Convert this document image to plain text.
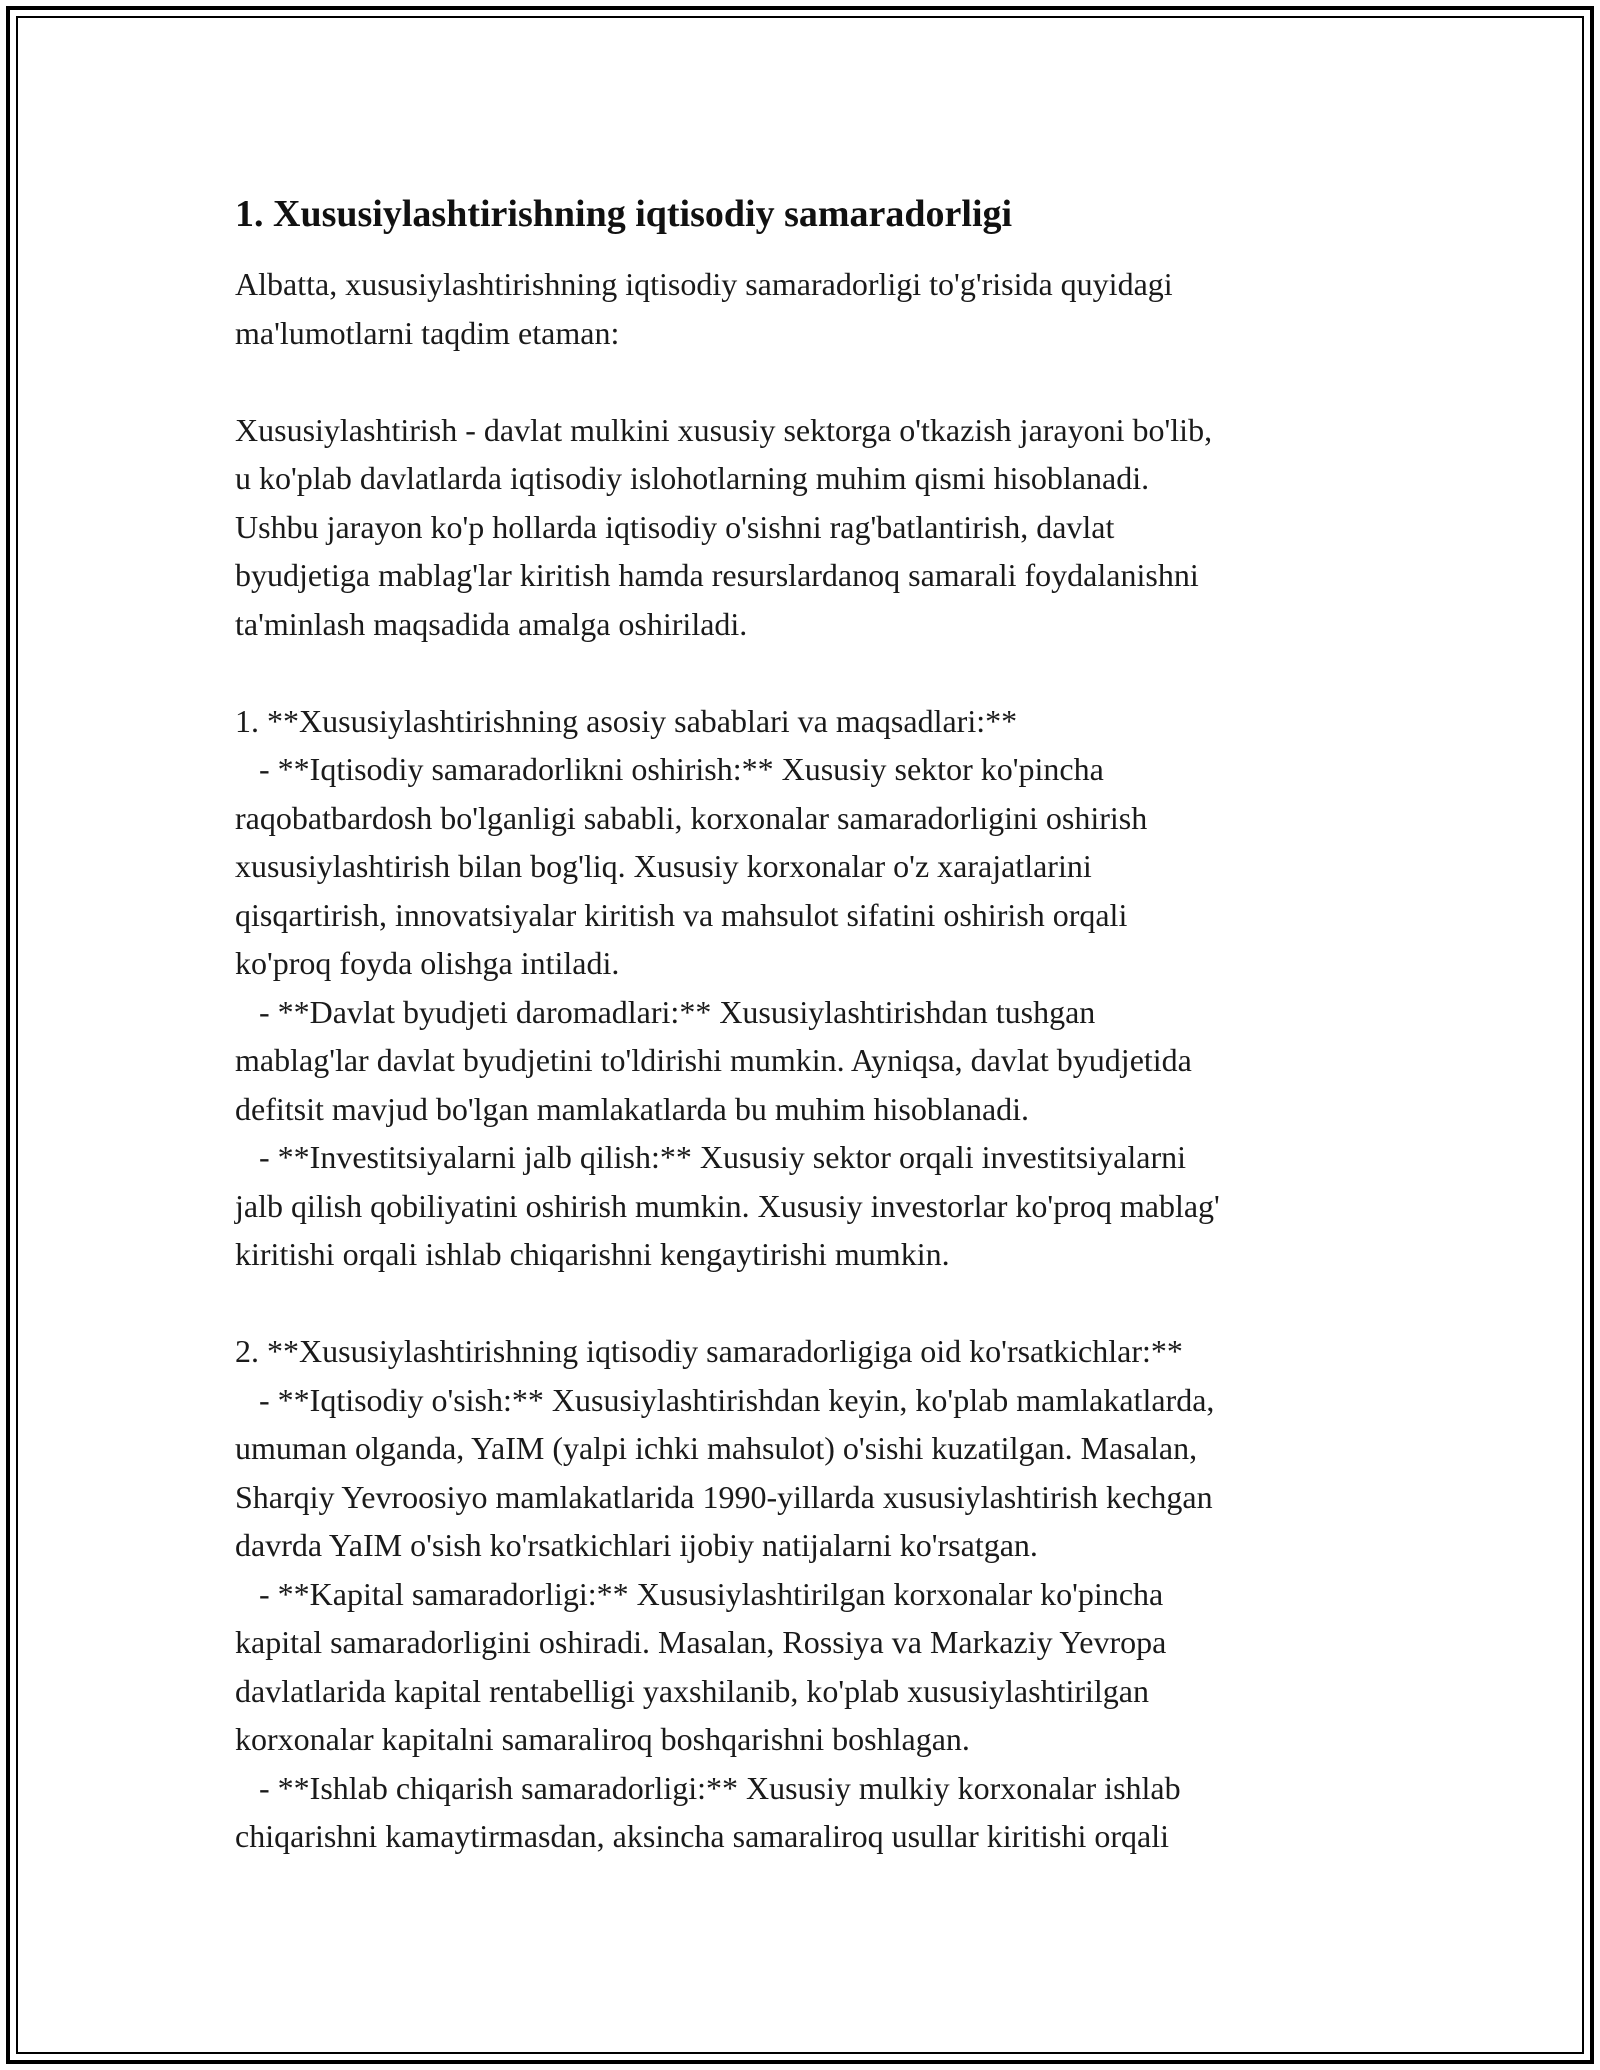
1. Xususiylashtirishning iqtisodiy samaradorligi

Albatta, xususiylashtirishning iqtisodiy samaradorligi to'g'risida quyidagi

ma'lumotlarni taqdim etaman:

Xususiylashtirish - davlat mulkini xususiy sektorga o'tkazish jarayoni bo'lib,

u ko'plab davlatlarda iqtisodiy islohotlarning muhim qismi hisoblanadi.

Ushbu jarayon ko'p hollarda iqtisodiy o'sishni rag'batlantirish, davlat

byudjetiga mablag'lar kiritish hamda resurslardanoq samarali foydalanishni

ta'minlash maqsadida amalga oshiriladi.

1. **Xususiylashtirishning asosiy sabablari va maqsadlari:**

- **Iqtisodiy samaradorlikni oshirish:** Xususiy sektor ko'pincha

raqobatbardosh bo'lganligi sababli, korxonalar samaradorligini oshirish

xususiylashtirish bilan bog'liq. Xususiy korxonalar o'z xarajatlarini

qisqartirish, innovatsiyalar kiritish va mahsulot sifatini oshirish orqali

ko'proq foyda olishga intiladi.

- **Davlat byudjeti daromadlari:** Xususiylashtirishdan tushgan

mablag'lar davlat byudjetini to'ldirishi mumkin. Ayniqsa, davlat byudjetida

defitsit mavjud bo'lgan mamlakatlarda bu muhim hisoblanadi.

- **Investitsiyalarni jalb qilish:** Xususiy sektor orqali investitsiyalarni

jalb qilish qobiliyatini oshirish mumkin. Xususiy investorlar ko'proq mablag'

kiritishi orqali ishlab chiqarishni kengaytirishi mumkin.

2. **Xususiylashtirishning iqtisodiy samaradorligiga oid ko'rsatkichlar:**

- **Iqtisodiy o'sish:** Xususiylashtirishdan keyin, ko'plab mamlakatlarda,

umuman olganda, YaIM (yalpi ichki mahsulot) o'sishi kuzatilgan. Masalan,

Sharqiy Yevroosiyo mamlakatlarida 1990-yillarda xususiylashtirish kechgan

davrda YaIM o'sish ko'rsatkichlari ijobiy natijalarni ko'rsatgan.

- **Kapital samaradorligi:** Xususiylashtirilgan korxonalar ko'pincha

kapital samaradorligini oshiradi. Masalan, Rossiya va Markaziy Yevropa

davlatlarida kapital rentabelligi yaxshilanib, ko'plab xususiylashtirilgan

korxonalar kapitalni samaraliroq boshqarishni boshlagan.

- **Ishlab chiqarish samaradorligi:** Xususiy mulkiy korxonalar ishlab

chiqarishni kamaytirmasdan, aksincha samaraliroq usullar kiritishi orqali
